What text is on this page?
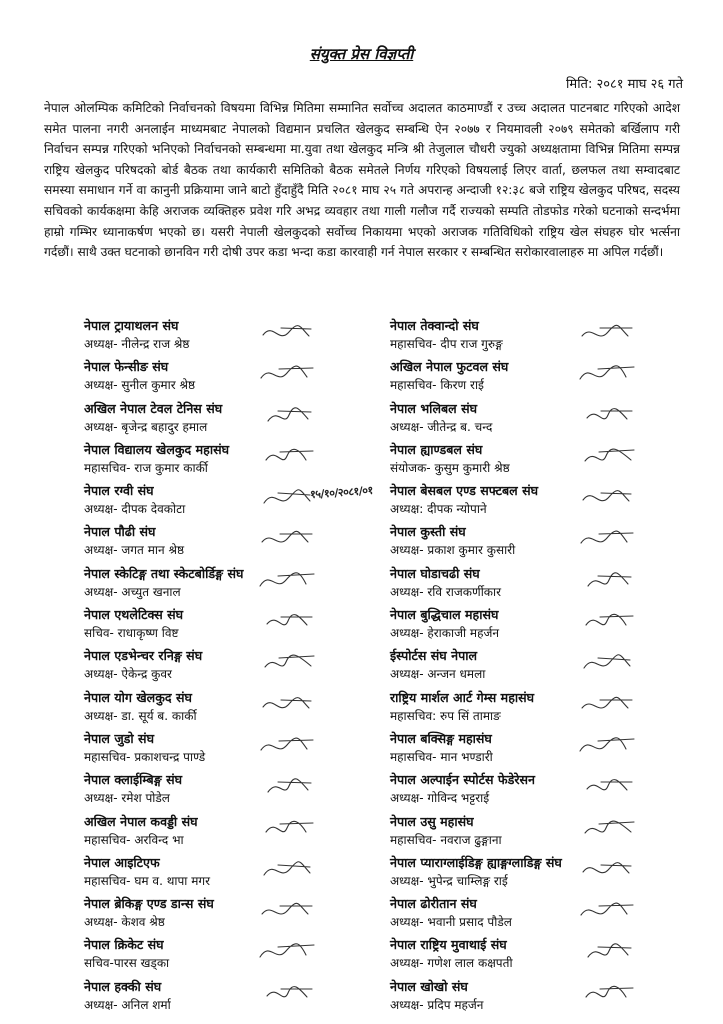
संयुक्त प्रेस विज्ञप्ती
मिति: २०८१ माघ २६ गते
नेपाल ओलम्पिक कमिटिको निर्वाचनको विषयमा विभिन्न मितिमा सम्मानित सर्वोच्च अदालत काठमाण्डौं र उच्च अदालत पाटनबाट गरिएको आदेश समेत पालना नगरी अनलाईन माध्यमबाट नेपालको विद्यमान प्रचलित खेलकुद सम्बन्धि ऐन २०७७ र नियमावली २०७९ समेतको बर्खिलाप गरी निर्वाचन सम्पन्न गरिएको भनिएको निर्वाचनको सम्बन्धमा मा.युवा तथा खेलकुद मन्त्रि श्री तेजुलाल चौधरी ज्युको अध्यक्षतामा विभिन्न मितिमा सम्पन्न राष्ट्रिय खेलकुद परिषदको बोर्ड बैठक तथा कार्यकारी समितिको बैठक समेतले निर्णय गरिएको विषयलाई लिएर वार्ता, छलफल तथा सम्वादबाट समस्या समाधान गर्ने वा कानुनी प्रक्रियामा जाने बाटो हुँदाहुँदै मिति २०८१ माघ २५ गते अपरान्ह अन्दाजी १२:३८ बजे राष्ट्रिय खेलकुद परिषद, सदस्य सचिवको कार्यकक्षमा केहि अराजक व्यक्तिहरु प्रवेश गरि अभद्र व्यवहार तथा गाली गलौज गर्दै राज्यको सम्पति तोडफोड गरेको घटनाको सन्दर्भमा हाम्रो गम्भिर ध्यानाकर्षण भएको छ। यसरी नेपाली खेलकुदको सर्वोच्च निकायमा भएको अराजक गतिविधिको राष्ट्रिय खेल संघहरु घोर भर्त्सना गर्दछौं। साथै उक्त घटनाको छानविन गरी दोषी उपर कडा भन्दा कडा कारवाही गर्न नेपाल सरकार र सम्बन्धित सरोकारवालाहरु मा अपिल गर्दछौं।
१५/१०/२०८१/०१
नेपाल ट्रायाथलन संघ
अध्यक्ष- नीलेन्द्र राज श्रेष्ठ
नेपाल फेन्सीङ संघ
अध्यक्ष- सुनील कुमार श्रेष्ठ
अखिल नेपाल टेवल टेनिस संघ
अध्यक्ष- बृजेन्द्र बहादुर हमाल
नेपाल विद्यालय खेलकुद महासंघ
महासचिव- राज कुमार कार्की
नेपाल रग्वी संघ
अध्यक्ष- दीपक देवकोटा
नेपाल पौढी संघ
अध्यक्ष- जगत मान श्रेष्ठ
नेपाल स्केटिङ्ग तथा स्केटबोर्डिङ्ग संघ
अध्यक्ष- अच्युत खनाल
नेपाल एथलेटिक्स संघ
सचिव- राधाकृष्ण विष्ट
नेपाल एडभेन्चर रनिङ्ग संघ
अध्यक्ष- ऐकेन्द्र कुवर
नेपाल योग खेलकुद संघ
अध्यक्ष- डा. सूर्य ब. कार्की
नेपाल जुडो संघ
महासचिव- प्रकाशचन्द्र पाण्डे
नेपाल क्लाईम्बिङ्ग संघ
अध्यक्ष- रमेश पोडेल
अखिल नेपाल कवड्डी संघ
महासचिव- अरविन्द भा
नेपाल आइटिएफ
महासचिव- घम व. थापा मगर
नेपाल ब्रेकिङ्ग एण्ड डान्स संघ
अध्यक्ष- केशव श्रेष्ठ
नेपाल क्रिकेट संघ
सचिव-पारस खड्का
नेपाल हक्की संघ
अध्यक्ष- अनिल शर्मा
नेपाल तेक्वान्दो संघ
महासचिव- दीप राज गुरुङ्ग
अखिल नेपाल फुटवल संघ
महासचिव- किरण राई
नेपाल भलिबल संघ
अध्यक्ष- जीतेन्द्र ब. चन्द
नेपाल ह्याण्डबल संघ
संयोजक- कुसुम कुमारी श्रेष्ठ
नेपाल बेसबल एण्ड सफ्टबल संघ
अध्यक्ष: दीपक न्योपाने
नेपाल कुस्ती संघ
अध्यक्ष- प्रकाश कुमार कुसारी
नेपाल घोडाचढी संघ
अध्यक्ष- रवि राजकर्णीकार
नेपाल बुद्धिचाल महासंघ
अध्यक्ष- हेराकाजी महर्जन
ईस्पोर्टस संघ नेपाल
अध्यक्ष- अन्जन धमला
राष्ट्रिय मार्शल आर्ट गेम्स महासंघ
महासचिव: रुप सिं तामाङ
नेपाल बक्सिङ्ग महासंघ
महासचिव- मान भण्डारी
नेपाल अल्पाईन स्पोर्टस फेडेरेसन
अध्यक्ष- गोविन्द भट्टराई
नेपाल उसु महासंघ
महासचिव- नवराज ढुङ्गाना
नेपाल प्याराग्लाईडिङ्ग ह्याङ्गग्लाडिङ्ग संघ
अध्यक्ष- भुपेन्द्र चाम्लिङ्ग राई
नेपाल ढोरीतान संघ
अध्यक्ष- भवानी प्रसाद पौडेल
नेपाल राष्ट्रिय मुवाथाई संघ
अध्यक्ष- गणेश लाल कक्षपती
नेपाल खोखो संघ
अध्यक्ष- प्रदिप महर्जन
